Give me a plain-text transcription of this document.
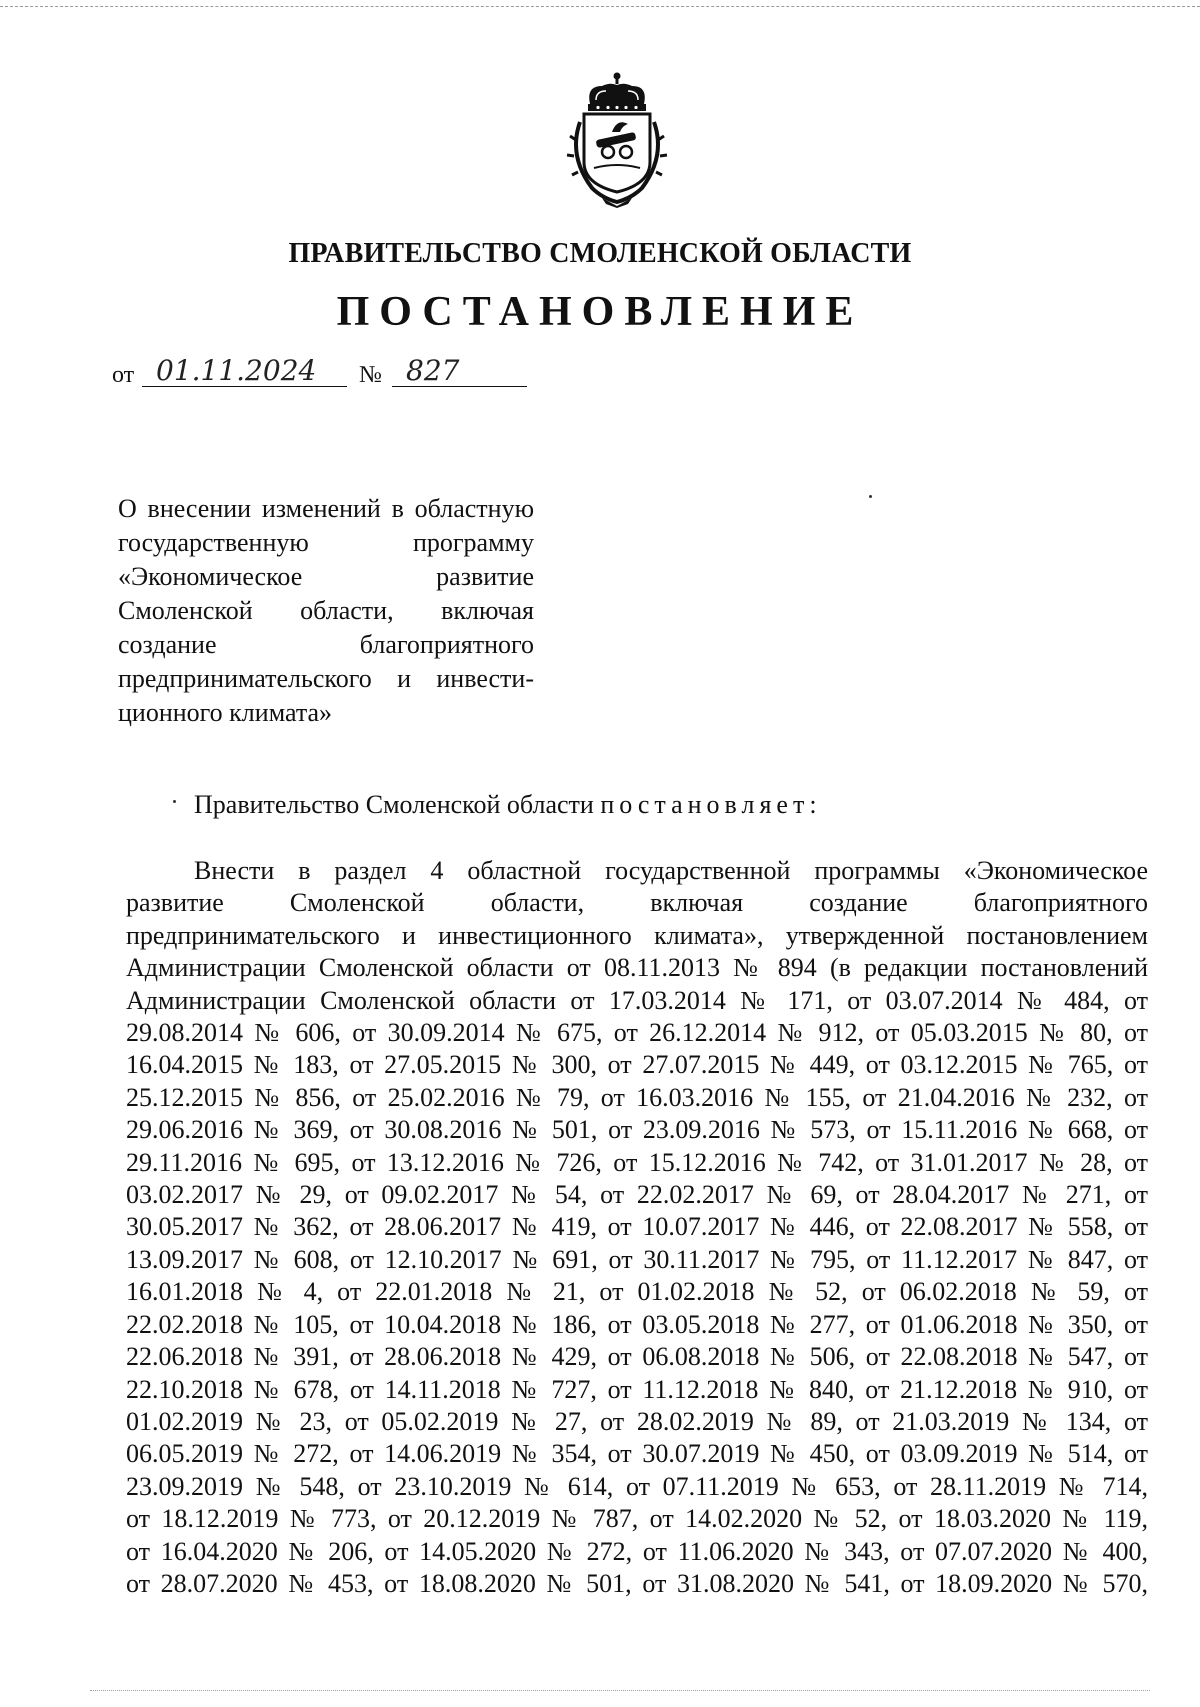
ПРАВИТЕЛЬСТВО СМОЛЕНСКОЙ ОБЛАСТИ
ПОСТАНОВЛЕНИЕ
от 01.11.2024	№ 827
О внесении изменений в областную государственную	программу «Экономическое	развитие Смоленской области, включая создание благоприятного предпринимательского и инвести-
ционного климата»
Правительство Смоленской области постановляет:
Внести в раздел 4 областной государственной программы «Экономическое
развитие Смоленской области, включая создание благоприятного
предпринимательского и инвестиционного климата», утвержденной постановлением
Администрации Смоленской области от 08.11.2013 № 894 (в редакции постановлений
Администрации Смоленской области от 17.03.2014 № 171, от 03.07.2014 № 484, от
29.08.2014 № 606, от 30.09.2014 № 675, от 26.12.2014 № 912, от 05.03.2015 № 80, от
16.04.2015 № 183, от 27.05.2015 № 300, от 27.07.2015 № 449, от 03.12.2015 № 765, от
25.12.2015 № 856, от 25.02.2016 № 79, от 16.03.2016 № 155, от 21.04.2016 № 232, от
29.06.2016 № 369, от 30.08.2016 № 501, от 23.09.2016 № 573, от 15.11.2016 № 668, от
29.11.2016 № 695, от 13.12.2016 № 726, от 15.12.2016 № 742, от 31.01.2017 № 28, от
03.02.2017 № 29, от 09.02.2017 № 54, от 22.02.2017 № 69, от 28.04.2017 № 271, от
30.05.2017 № 362, от 28.06.2017 № 419, от 10.07.2017 № 446, от 22.08.2017 № 558, от
13.09.2017 № 608, от 12.10.2017 № 691, от 30.11.2017 № 795, от 11.12.2017 № 847, от
16.01.2018 № 4, от 22.01.2018 № 21, от 01.02.2018 № 52, от 06.02.2018 № 59, от
22.02.2018 № 105, от 10.04.2018 № 186, от 03.05.2018 № 277, от 01.06.2018 № 350, от
22.06.2018 № 391, от 28.06.2018 № 429, от 06.08.2018 № 506, от 22.08.2018 № 547, от
22.10.2018 № 678, от 14.11.2018 № 727, от 11.12.2018 № 840, от 21.12.2018 № 910, от
01.02.2019 № 23, от 05.02.2019 № 27, от 28.02.2019 № 89, от 21.03.2019 № 134, от
06.05.2019 № 272, от 14.06.2019 № 354, от 30.07.2019 № 450, от 03.09.2019 № 514, от
23.09.2019 № 548, от 23.10.2019 № 614, от 07.11.2019 № 653, от 28.11.2019 № 714,
от 18.12.2019 № 773, от 20.12.2019 № 787, от 14.02.2020 № 52, от 18.03.2020 № 119,
от 16.04.2020 № 206, от 14.05.2020 № 272, от 11.06.2020 № 343, от 07.07.2020 № 400,
от 28.07.2020 № 453, от 18.08.2020 № 501, от 31.08.2020 № 541, от 18.09.2020 № 570,
